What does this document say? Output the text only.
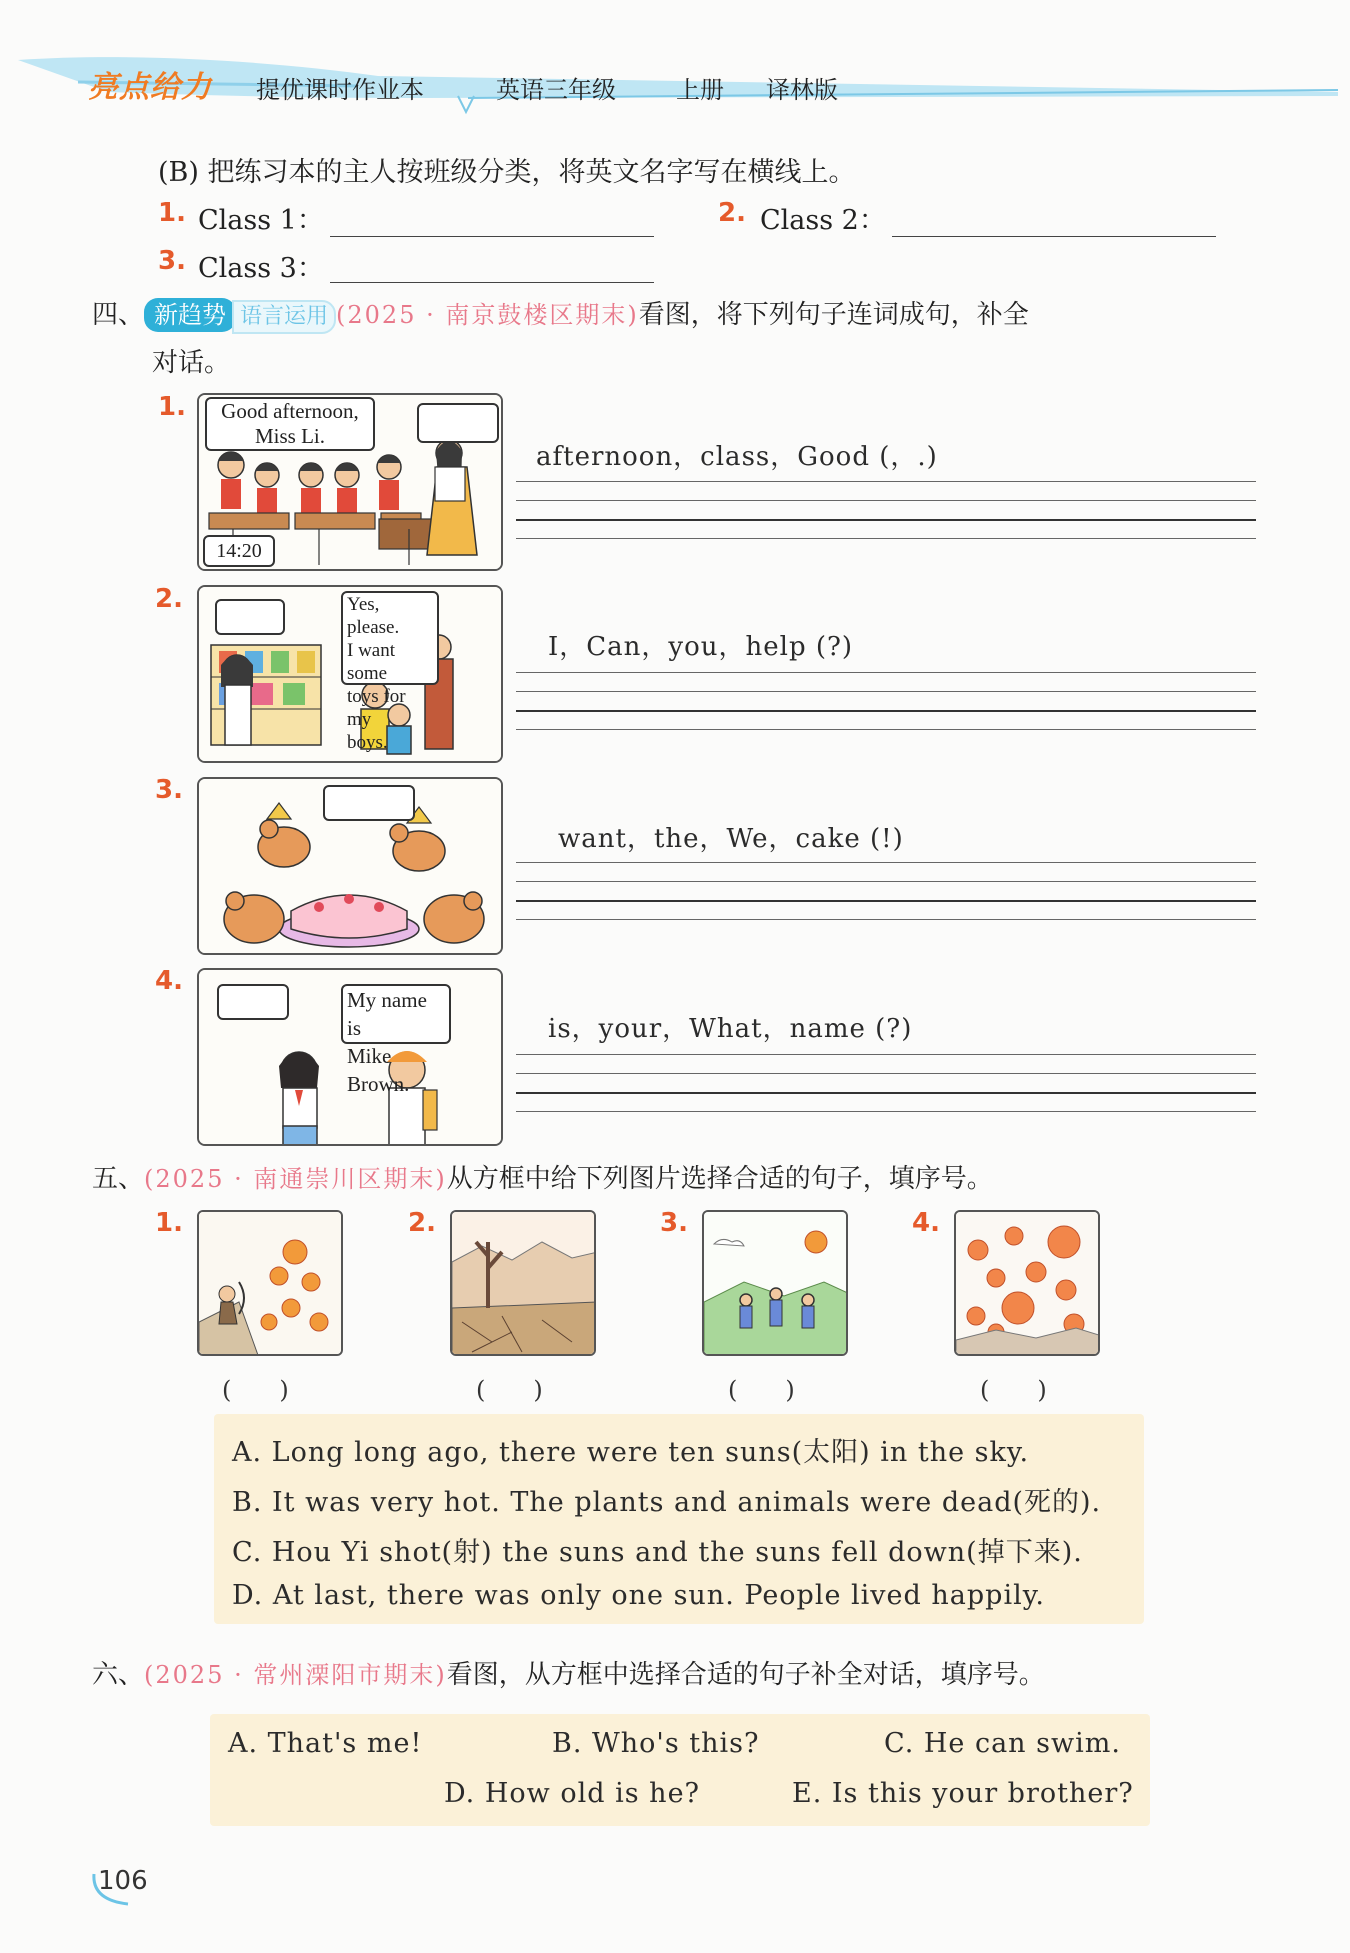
亮点给力 提优课时作业本	英语三年级	上册 译林版
(B) 把练习本的主人按班级分类，将英文名字写在横线上。
1. Class 1：	2. Class 2：
3. Class 3：
四、 新趋势 语言运用 (2025 · 南京鼓楼区期末)看图，将下列句子连词成句，补全
对话。
1.	Good afternoon,
Miss Li.
14:20
afternoon，class，Good (，.)
2.	Yes, please.
I want some
toys for my
boys.
I，Can，you，help (?)
3.
want，the，We，cake (!)
4.
My name is
Mike Brown.
is，your，What，name (?)
五、(2025 · 南通崇川区期末)从方框中给下列图片选择合适的句子，填序号。
1.
(　　)
2.
(　　)
3.
(　　)
4.
(　　)
A. Long long ago, there were ten suns(太阳) in the sky.
B. It was very hot. The plants and animals were dead(死的).
C. Hou Yi shot(射) the suns and the suns fell down(掉下来).
D. At last, there was only one sun. People lived happily.
六、(2025 · 常州溧阳市期末)看图，从方框中选择合适的句子补全对话，填序号。
A. That's me!	B. Who's this?	C. He can swim.
D. How old is he?	E. Is this your brother?
106
